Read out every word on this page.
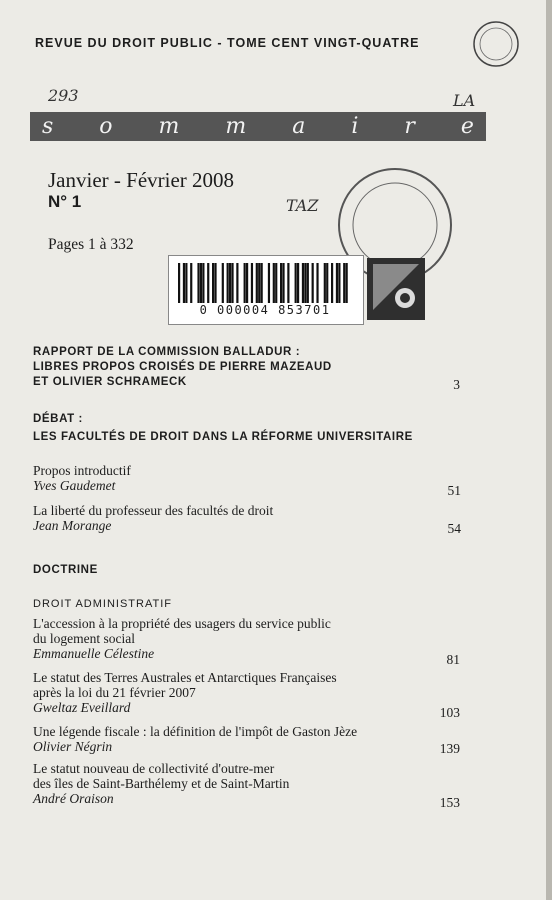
REVUE DU DROIT PUBLIC - TOME CENT VINGT-QUATRE
293	LA
s o m m a i r e
Janvier - Février 2008
N° 1
Pages 1 à 332
TAZ
0 000004 853701
RAPPORT DE LA COMMISSION BALLADUR :
LIBRES PROPOS CROISÉS DE PIERRE MAZEAUD
ET OLIVIER SCHRAMECK	3
DÉBAT :
LES FACULTÉS DE DROIT DANS LA RÉFORME UNIVERSITAIRE
Propos introductif
Yves Gaudemet	51
La liberté du professeur des facultés de droit
Jean Morange	54
DOCTRINE
DROIT ADMINISTRATIF
L'accession à la propriété des usagers du service public
du logement social
Emmanuelle Célestine	81
Le statut des Terres Australes et Antarctiques Françaises
après la loi du 21 février 2007
Gweltaz Eveillard	103
Une légende fiscale : la définition de l'impôt de Gaston Jèze
Olivier Négrin	139
Le statut nouveau de collectivité d'outre-mer
des îles de Saint-Barthélemy et de Saint-Martin
André Oraison	153
